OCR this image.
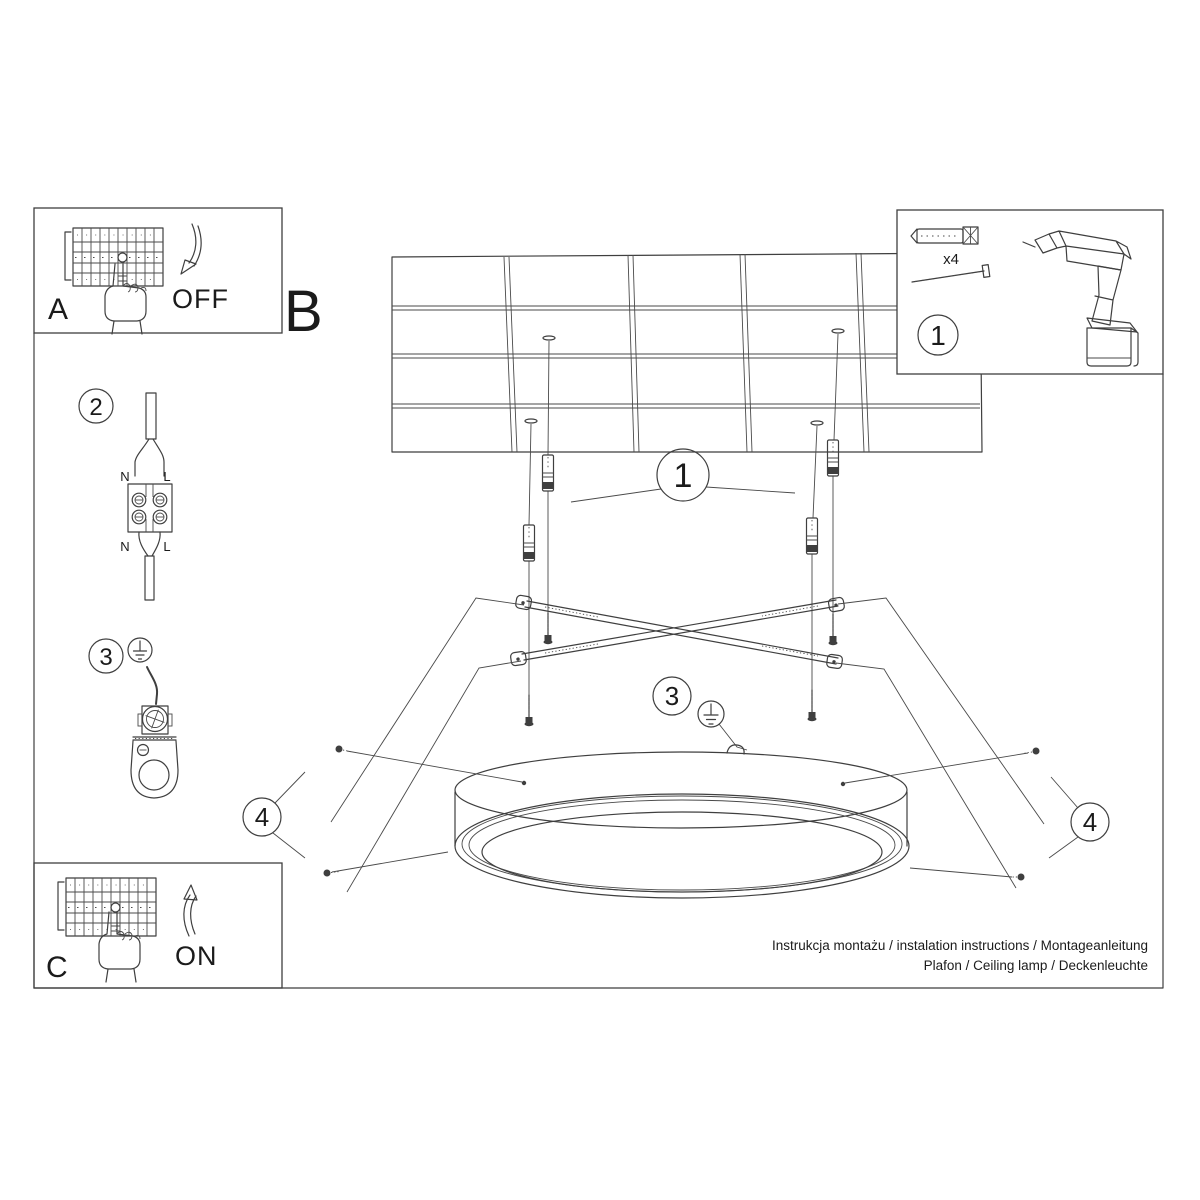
1
3
4	4
A	OFF
x4
1
C	ON
B
2
N	L
N	L
3
Instrukcja montażu / instalation instructions / Montageanleitung
Plafon / Ceiling lamp / Deckenleuchte
